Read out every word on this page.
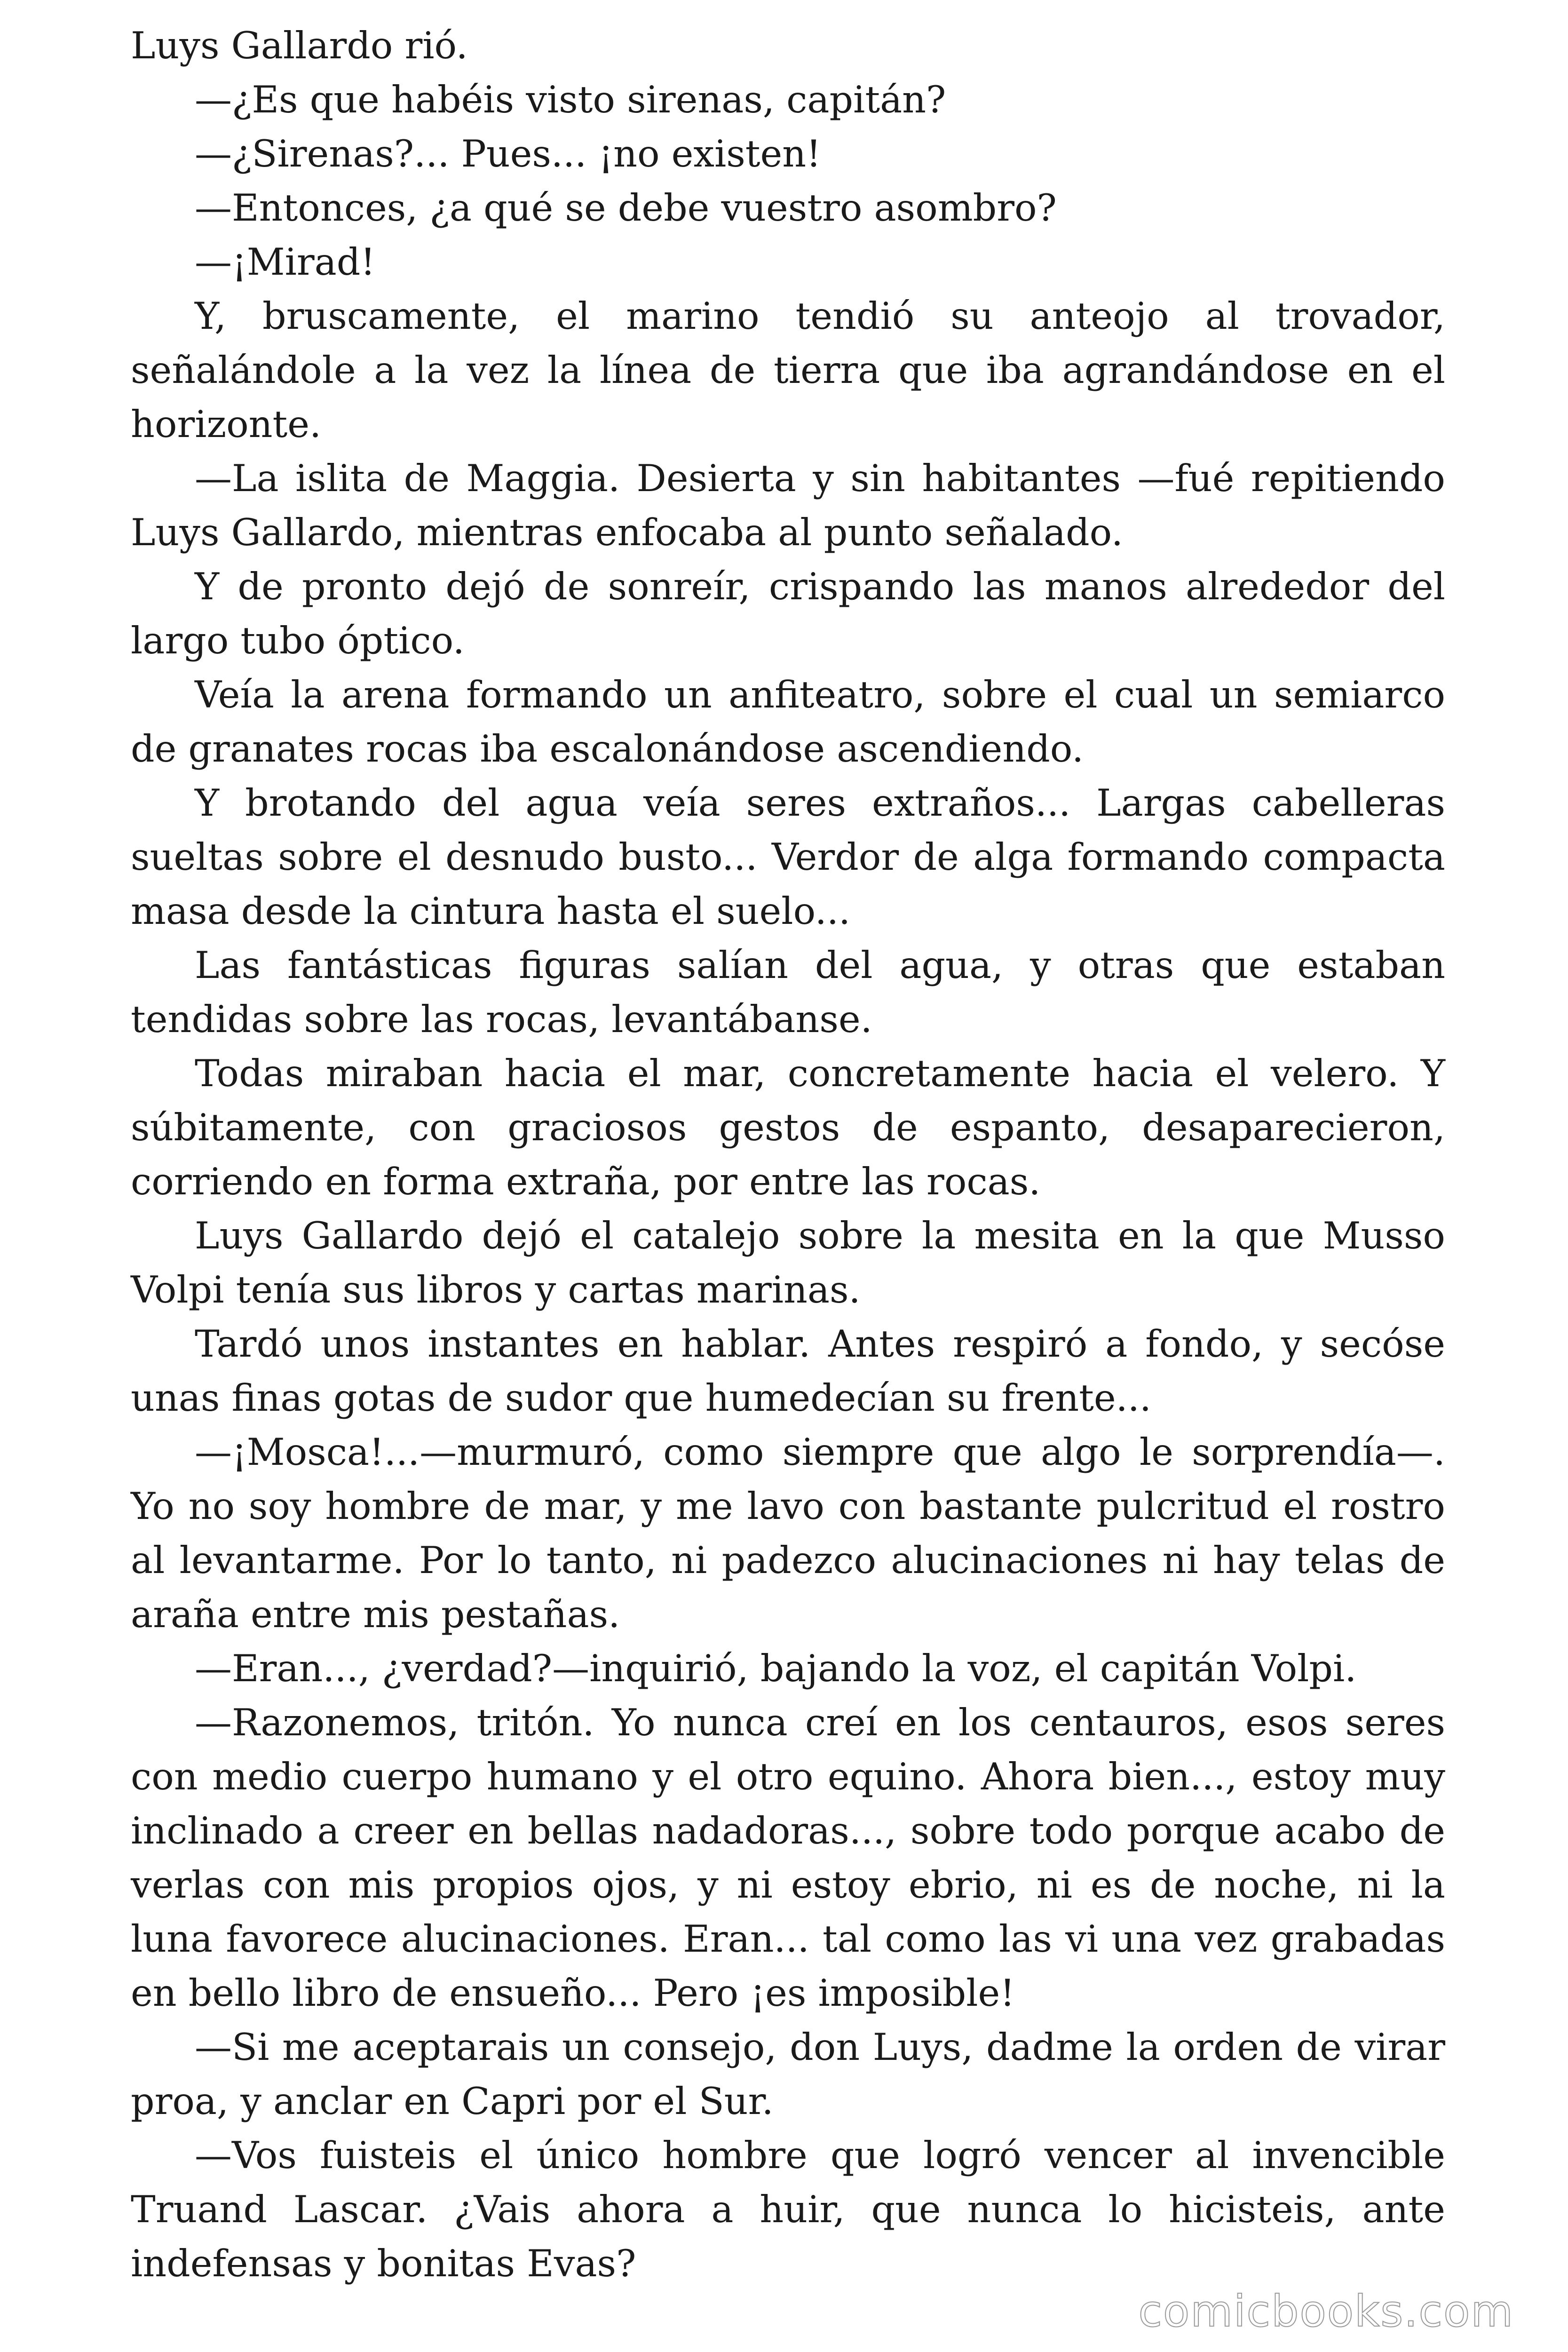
Luys Gallardo rió.

—¿Es que habéis visto sirenas, capitán?

—¿Sirenas?... Pues... ¡no existen!

—Entonces, ¿a qué se debe vuestro asombro?

—¡Mirad!

Y, bruscamente, el marino tendió su anteojo al trovador, señalándole a la vez la línea de tierra que iba agrandándose en el horizonte.

—La islita de Maggia. Desierta y sin habitantes —fué repitiendo Luys Gallardo, mientras enfocaba al punto señalado.

Y de pronto dejó de sonreír, crispando las manos alrededor del largo tubo óptico.

Veía la arena formando un anfiteatro, sobre el cual un semiarco de granates rocas iba escalonándose ascendiendo.

Y brotando del agua veía seres extraños... Largas cabelleras sueltas sobre el desnudo busto... Verdor de alga formando compacta masa desde la cintura hasta el suelo...

Las fantásticas figuras salían del agua, y otras que estaban tendidas sobre las rocas, levantábanse.

Todas miraban hacia el mar, concretamente hacia el velero. Y súbitamente, con graciosos gestos de espanto, desaparecieron, corriendo en forma extraña, por entre las rocas.

Luys Gallardo dejó el catalejo sobre la mesita en la que Musso Volpi tenía sus libros y cartas marinas.

Tardó unos instantes en hablar. Antes respiró a fondo, y secóse unas finas gotas de sudor que humedecían su frente...

—¡Mosca!...—murmuró, como siempre que algo le sorprendía—. Yo no soy hombre de mar, y me lavo con bastante pulcritud el rostro al levantarme. Por lo tanto, ni padezco alucinaciones ni hay telas de araña entre mis pestañas.

—Eran..., ¿verdad?—inquirió, bajando la voz, el capitán Volpi.

—Razonemos, tritón. Yo nunca creí en los centauros, esos seres con medio cuerpo humano y el otro equino. Ahora bien..., estoy muy inclinado a creer en bellas nadadoras..., sobre todo porque acabo de verlas con mis propios ojos, y ni estoy ebrio, ni es de noche, ni la luna favorece alucinaciones. Eran... tal como las vi una vez grabadas en bello libro de ensueño... Pero ¡es imposible!

—Si me aceptarais un consejo, don Luys, dadme la orden de virar proa, y anclar en Capri por el Sur.

—Vos fuisteis el único hombre que logró vencer al invencible Truand Lascar. ¿Vais ahora a huir, que nunca lo hicisteis, ante indefensas y bonitas Evas?

comicbooks.com
